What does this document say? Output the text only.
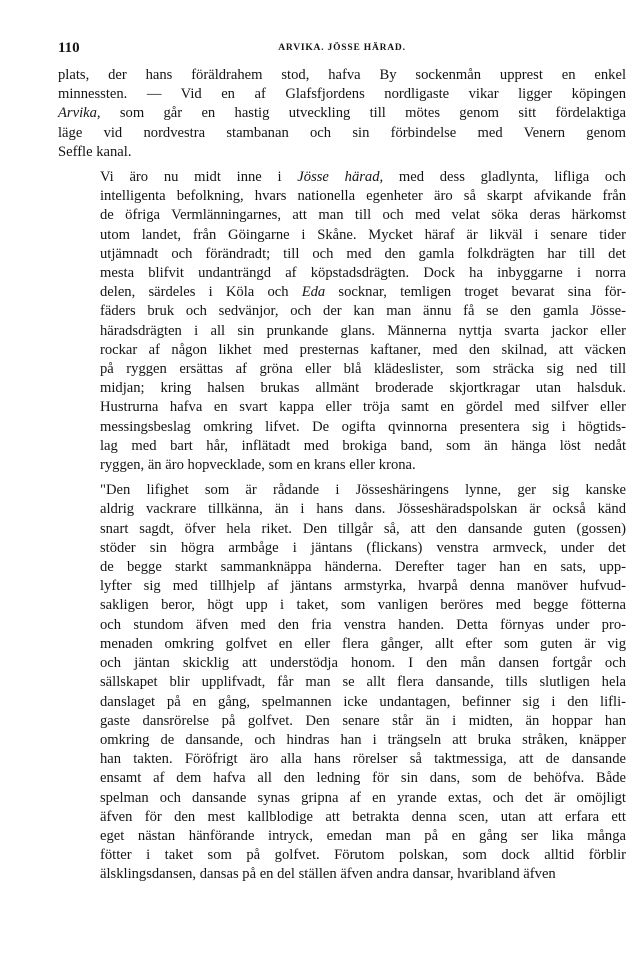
110	ARVIKA. JÖSSE HÄRAD.
plats, der hans föräldrahem stod, hafva By sockenmån upprest en enkel
minnessten. — Vid en af Glafsfjordens nordligaste vikar ligger köpingen
Arvika, som går en hastig utveckling till mötes genom sitt fördelaktiga
läge vid nordvestra stambanan och sin förbindelse med Venern genom
Seffle kanal.
Vi äro nu midt inne i Jösse härad, med dess gladlynta, lifliga och
intelligenta befolkning, hvars nationella egenheter äro så skarpt afvikande från
de öfriga Vermlänningarnes, att man till och med velat söka deras härkomst
utom landet, från Göingarne i Skåne. Mycket häraf är likväl i senare tider
utjämnadt och förändradt; till och med den gamla folkdrägten har till det
mesta blifvit undanträngd af köpstadsdrägten. Dock ha inbyggarne i norra
delen, särdeles i Köla och Eda socknar, temligen troget bevarat sina för-
fäders bruk och sedvänjor, och der kan man ännu få se den gamla Jösse-
häradsdrägten i all sin prunkande glans. Männerna nyttja svarta jackor eller
rockar af någon likhet med presternas kaftaner, med den skilnad, att väcken
på ryggen ersättas af gröna eller blå klädeslister, som sträcka sig ned till
midjan; kring halsen brukas allmänt broderade skjortkragar utan halsduk.
Hustrurna hafva en svart kappa eller tröja samt en gördel med silfver eller
messingsbeslag omkring lifvet. De ogifta qvinnorna presentera sig i högtids-
lag med bart hår, inflätadt med brokiga band, som än hänga löst nedåt
ryggen, än äro hopvecklade, som en krans eller krona.
"Den lifighet som är rådande i Jösseshäringens lynne, ger sig kanske
aldrig vackrare tillkänna, än i hans dans. Jösseshäradspolskan är också känd
snart sagdt, öfver hela riket. Den tillgår så, att den dansande guten (gossen)
stöder sin högra armbåge i jäntans (flickans) venstra armveck, under det
de begge starkt sammanknäppa händerna. Derefter tager han en sats, upp-
lyfter sig med tillhjelp af jäntans armstyrka, hvarpå denna manöver hufvud-
sakligen beror, högt upp i taket, som vanligen beröres med begge fötterna
och stundom äfven med den fria venstra handen. Detta förnyas under pro-
menaden omkring golfvet en eller flera gånger, allt efter som guten är vig
och jäntan skicklig att understödja honom. I den mån dansen fortgår och
sällskapet blir upplifvadt, får man se allt flera dansande, tills slutligen hela
danslaget på en gång, spelmannen icke undantagen, befinner sig i den lifli-
gaste dansrörelse på golfvet. Den senare står än i midten, än hoppar han
omkring de dansande, och hindras han i trängseln att bruka stråken, knäpper
han takten. Föröfrigt äro alla hans rörelser så taktmessiga, att de dansande
ensamt af dem hafva all den ledning för sin dans, som de behöfva. Både
spelman och dansande synas gripna af en yrande extas, och det är omöjligt
äfven för den mest kallblodige att betrakta denna scen, utan att erfara ett
eget nästan hänförande intryck, emedan man på en gång ser lika många
fötter i taket som på golfvet. Förutom polskan, som dock alltid förblir
älsklingsdansen, dansas på en del ställen äfven andra dansar, hvaribland äfven
